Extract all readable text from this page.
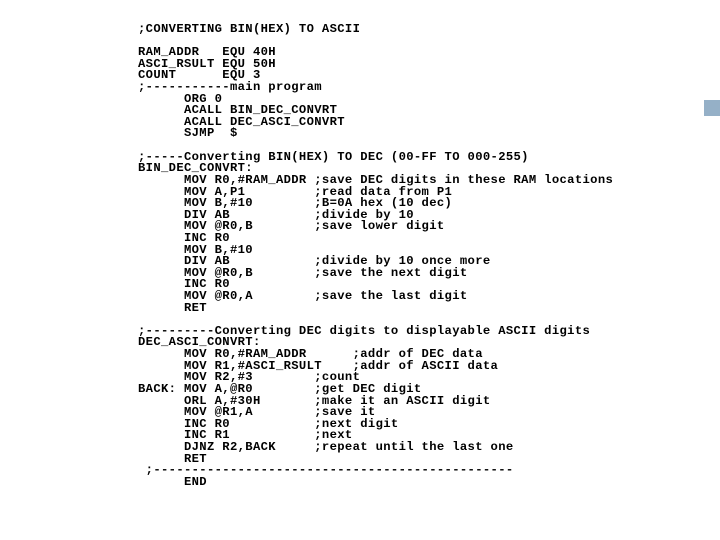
;CONVERTING BIN(HEX) TO ASCII
RAM_ADDR   EQU 40H
ASCI_RSULT EQU 50H
COUNT      EQU 3
;-----------main program
ORG 0
ACALL BIN_DEC_CONVRT
ACALL DEC_ASCI_CONVRT
SJMP  $
;-----Converting BIN(HEX) TO DEC (00-FF TO 000-255)
BIN_DEC_CONVRT:
MOV R0,#RAM_ADDR ;save DEC digits in these RAM locations
MOV A,P1         ;read data from P1
MOV B,#10        ;B=0A hex (10 dec)
DIV AB           ;divide by 10
MOV @R0,B        ;save lower digit
INC R0
MOV B,#10
DIV AB           ;divide by 10 once more
MOV @R0,B        ;save the next digit
INC R0
MOV @R0,A        ;save the last digit
RET
;---------Converting DEC digits to displayable ASCII digits
DEC_ASCI_CONVRT:
MOV R0,#RAM_ADDR      ;addr of DEC data
MOV R1,#ASCI_RSULT    ;addr of ASCII data
MOV R2,#3        ;count
BACK: MOV A,@R0        ;get DEC digit
ORL A,#30H       ;make it an ASCII digit
MOV @R1,A        ;save it
INC R0           ;next digit
INC R1           ;next
DJNZ R2,BACK     ;repeat until the last one
RET
;-----------------------------------------------
END
